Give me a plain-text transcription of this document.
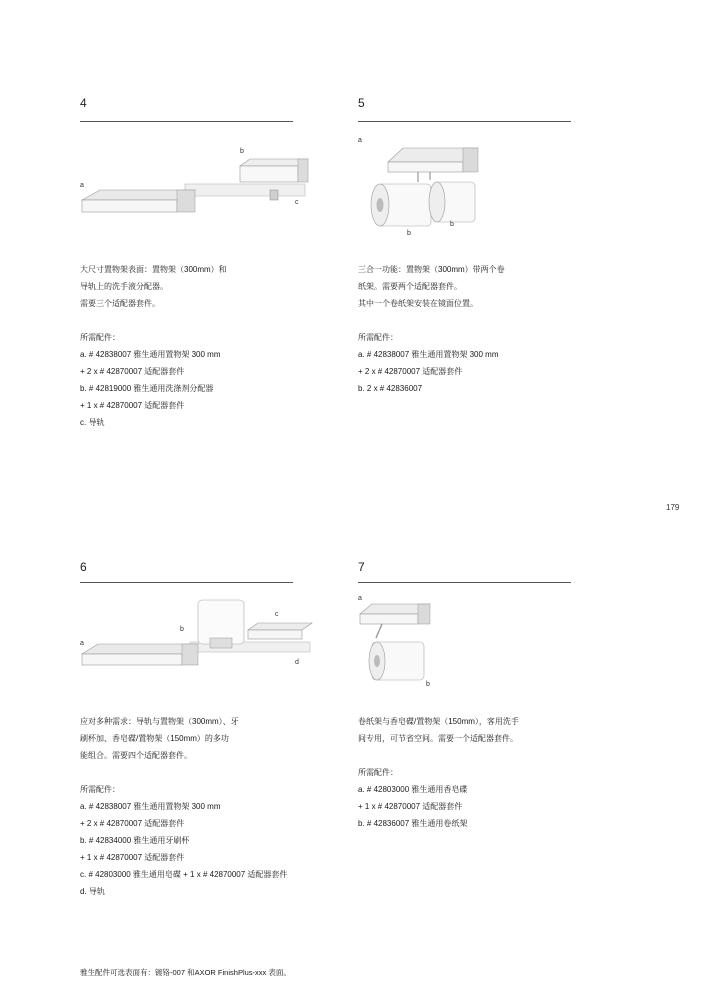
4
a
b
c
大尺寸置物架表面：置物架（300mm）和
导轨上的洗手液分配器。
需要三个适配器套件。
所需配件：
a. # 42838007 雅生通用置物架 300 mm
+ 2 x # 42870007 适配器套件
b. # 42819000 雅生通用洗涤剂分配器
+ 1 x # 42870007 适配器套件
c. 导轨
5
a
b
b
三合一功能：置物架（300mm）带两个卷
纸架。需要两个适配器套件。
其中一个卷纸架安装在镜面位置。
所需配件：
a. # 42838007 雅生通用置物架 300 mm
+ 2 x # 42870007 适配器套件
b. 2 x # 42836007
179
6
a
b
c
d
应对多种需求：导轨与置物架（300mm）、牙
刷杯加、香皂碟/置物架（150mm）的多功
能组合。需要四个适配器套件。
所需配件：
a. # 42838007 雅生通用置物架 300 mm
+ 2 x # 42870007 适配器套件
b. # 42834000 雅生通用牙刷杯
+ 1 x # 42870007 适配器套件
c. # 42803000 雅生通用皂碟 + 1 x # 42870007 适配器套件
d. 导轨
7
a
b
卷纸架与香皂碟/置物架（150mm），客用洗手
间专用，可节省空间。需要一个适配器套件。
所需配件：
a. # 42803000 雅生通用香皂碟
+ 1 x # 42870007 适配器套件
b. # 42836007 雅生通用卷纸架
雅生配件可选表面有：镀铬-007 和AXOR FinishPlus-xxx 表面。
